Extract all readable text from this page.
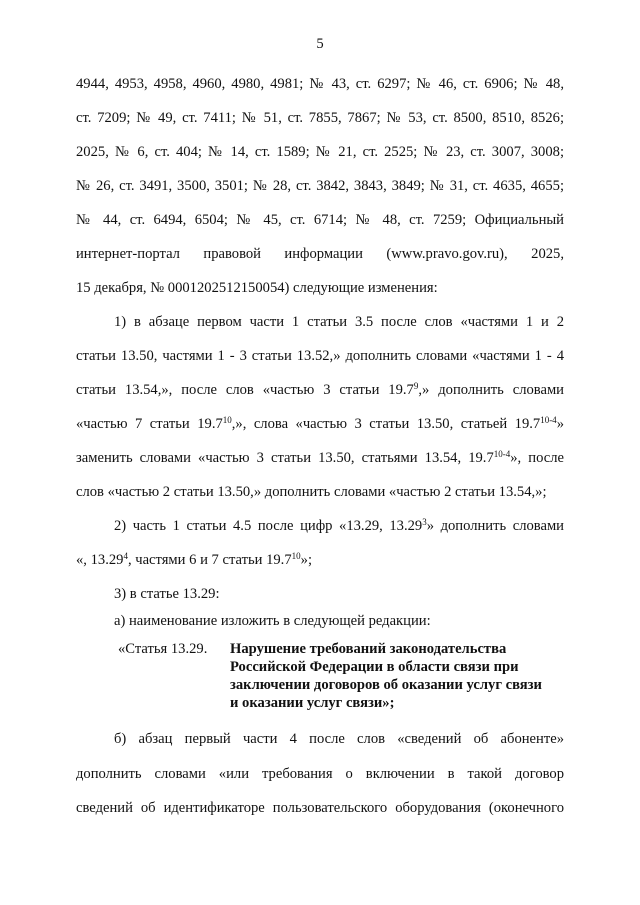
5
4944, 4953, 4958, 4960, 4980, 4981; № 43, ст. 6297; № 46, ст. 6906; № 48,
ст. 7209; № 49, ст. 7411; № 51, ст. 7855, 7867; № 53, ст. 8500, 8510, 8526;
2025, № 6, ст. 404; № 14, ст. 1589; № 21, ст. 2525; № 23, ст. 3007, 3008;
№ 26, ст. 3491, 3500, 3501; № 28, ст. 3842, 3843, 3849; № 31, ст. 4635, 4655;
№ 44, ст. 6494, 6504; № 45, ст. 6714; № 48, ст. 7259; Официальный
интернет-портал правовой информации (www.pravo.gov.ru), 2025,
15 декабря, № 0001202512150054) следующие изменения:
1) в абзаце первом части 1 статьи 3.5 после слов «частями 1 и 2
статьи 13.50, частями 1 - 3 статьи 13.52,» дополнить словами «частями 1 - 4
статьи 13.54,», после слов «частью 3 статьи 19.7$^9$,» дополнить словами
«частью 7 статьи 19.7$^{10}$,», слова «частью 3 статьи 13.50, статьей 19.7$^{10-4}$»
заменить словами «частью 3 статьи 13.50, статьями 13.54, 19.7$^{10-4}$», после
слов «частью 2 статьи 13.50,» дополнить словами «частью 2 статьи 13.54,»;
2) часть 1 статьи 4.5 после цифр «13.29, 13.29$^3$» дополнить словами
«, 13.29$^4$, частями 6 и 7 статьи 19.7$^{10}$»;
3) в статье 13.29:
а) наименование изложить в следующей редакции:
«Статья 13.29. Нарушение требований законодательства
Российской Федерации в области связи при
заключении договоров об оказании услуг связи
и оказании услуг связи»;
б) абзац первый части 4 после слов «сведений об абоненте»
дополнить словами «или требования о включении в такой договор
сведений об идентификаторе пользовательского оборудования (оконечного
